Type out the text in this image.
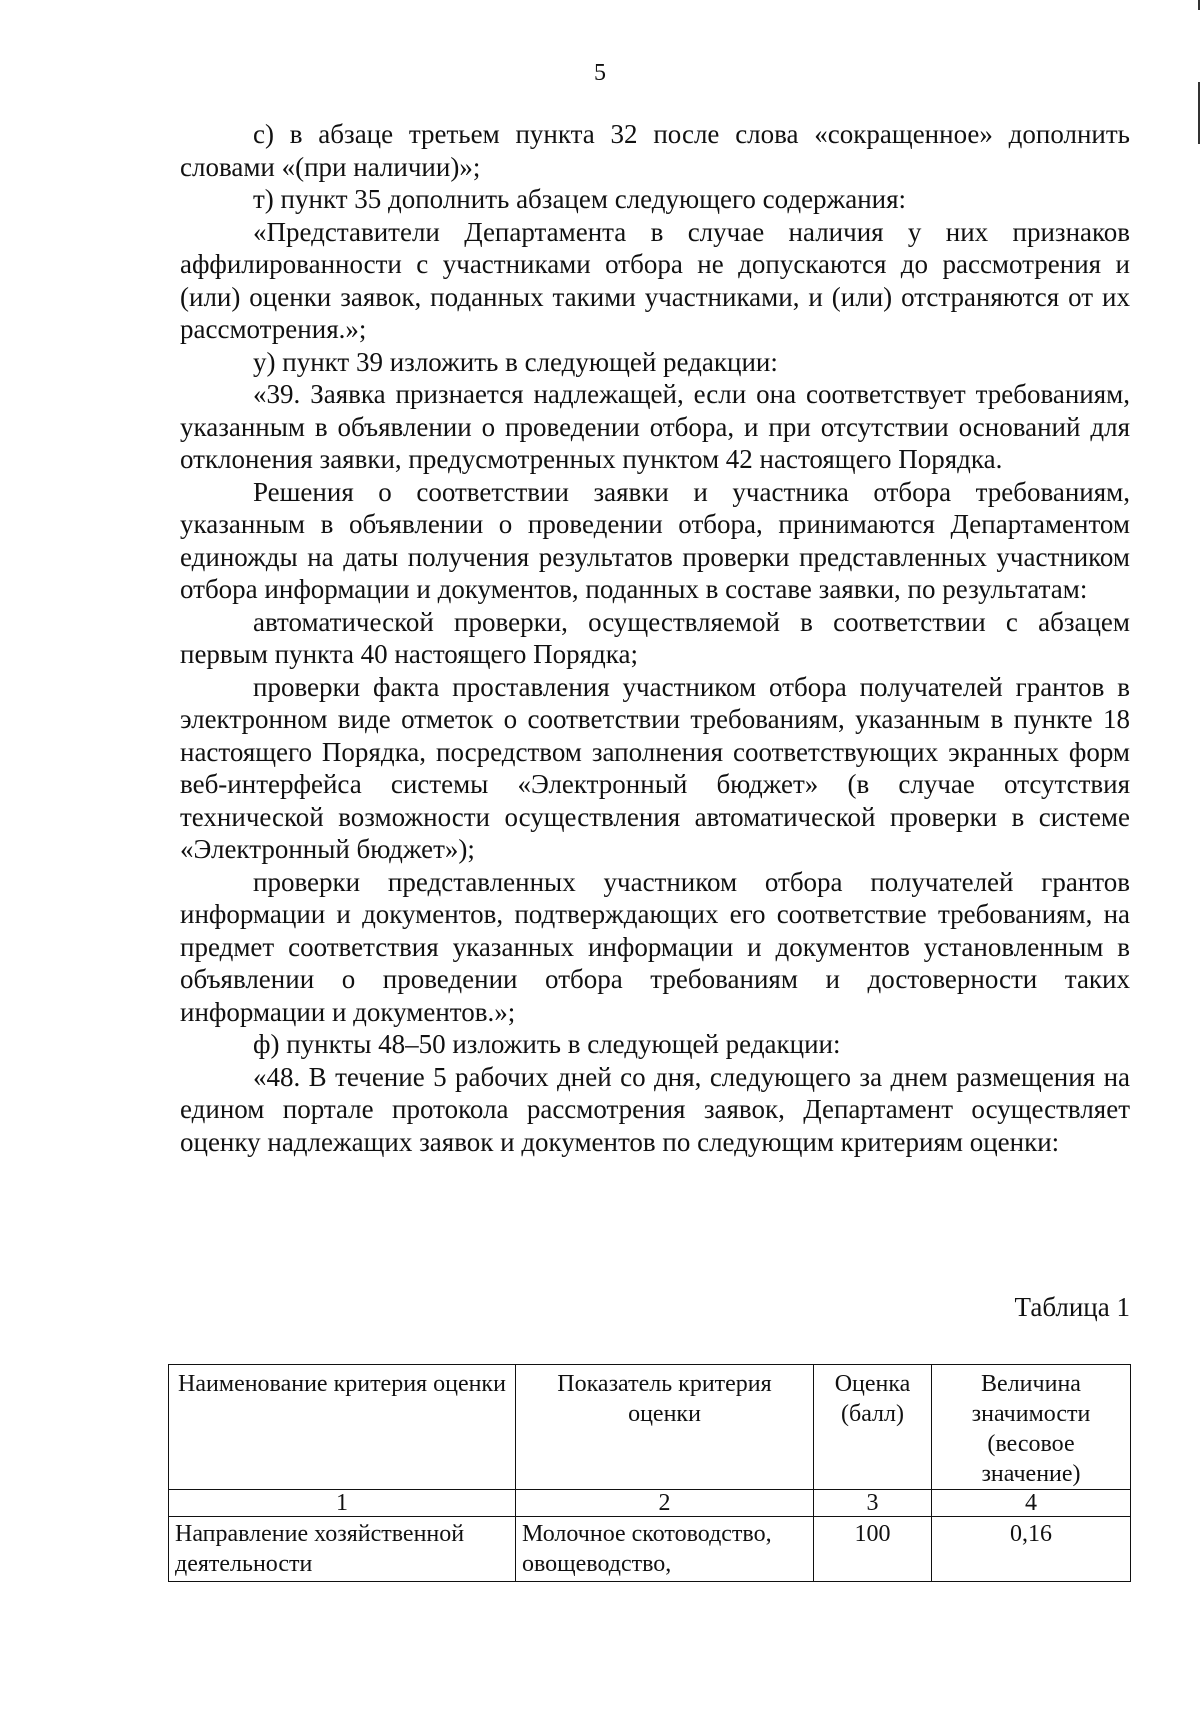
5

с) в абзаце третьем пункта 32 после слова «сокращенное» дополнить словами «(при наличии)»;

т) пункт 35 дополнить абзацем следующего содержания:

«Представители Департамента в случае наличия у них признаков аффилированности с участниками отбора не допускаются до рассмотрения и (или) оценки заявок, поданных такими участниками, и (или) отстраняются от их рассмотрения.»;

у) пункт 39 изложить в следующей редакции:

«39. Заявка признается надлежащей, если она соответствует требованиям, указанным в объявлении о проведении отбора, и при отсутствии оснований для отклонения заявки, предусмотренных пунктом 42 настоящего Порядка.

Решения о соответствии заявки и участника отбора требованиям, указанным в объявлении о проведении отбора, принимаются Департаментом единожды на даты получения результатов проверки представленных участником отбора информации и документов, поданных в составе заявки, по результатам:

автоматической проверки, осуществляемой в соответствии с абзацем первым пункта 40 настоящего Порядка;

проверки факта проставления участником отбора получателей грантов в электронном виде отметок о соответствии требованиям, указанным в пункте 18 настоящего Порядка, посредством заполнения соответствующих экранных форм веб-интерфейса системы «Электронный бюджет» (в случае отсутствия технической возможности осуществления автоматической проверки в системе «Электронный бюджет»);

проверки представленных участником отбора получателей грантов информации и документов, подтверждающих его соответствие требованиям, на предмет соответствия указанных информации и документов установленным в объявлении о проведении отбора требованиям и достоверности таких информации и документов.»;

ф) пункты 48–50 изложить в следующей редакции:

«48. В течение 5 рабочих дней со дня, следующего за днем размещения на едином портале протокола рассмотрения заявок, Департамент осуществляет оценку надлежащих заявок и документов по следующим критериям оценки:

Таблица 1
Наименование критерия оценки	Показатель критерия оценки	Оценка (балл)	Величина значимости (весовое значение)
1	2	3	4
Направление хозяйственной деятельности	Молочное скотоводство, овощеводство,	100	0,16
